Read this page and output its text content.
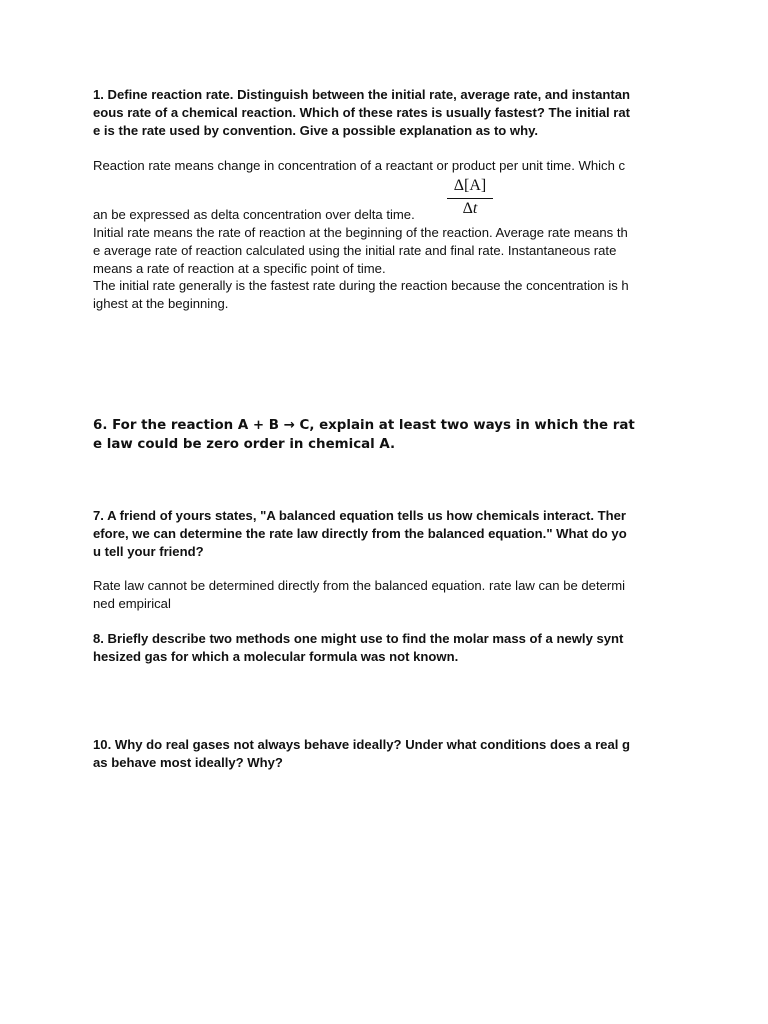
1. Define reaction rate. Distinguish between the initial rate, average rate, and instantan
eous rate of a chemical reaction. Which of these rates is usually fastest? The initial rat
e is the rate used by convention. Give a possible explanation as to why.
Reaction rate means change in concentration of a reactant or product per unit time. Which c
an be expressed as delta concentration over delta time.
Initial rate means the rate of reaction at the beginning of the reaction. Average rate means th
e average rate of reaction calculated using the initial rate and final rate. Instantaneous rate
means a rate of reaction at a specific point of time.
The initial rate generally is the fastest rate during the reaction because the concentration is h
ighest at the beginning.
Δ[A]
Δt
6. For the reaction A + B → C, explain at least two ways in which the rat
e law could be zero order in chemical A.
7. A friend of yours states, "A balanced equation tells us how chemicals interact. Ther
efore, we can determine the rate law directly from the balanced equation." What do yo
u tell your friend?
Rate law cannot be determined directly from the balanced equation. rate law can be determi
ned empirical
8. Briefly describe two methods one might use to find the molar mass of a newly synt
hesized gas for which a molecular formula was not known.
10. Why do real gases not always behave ideally? Under what conditions does a real g
as behave most ideally? Why?
